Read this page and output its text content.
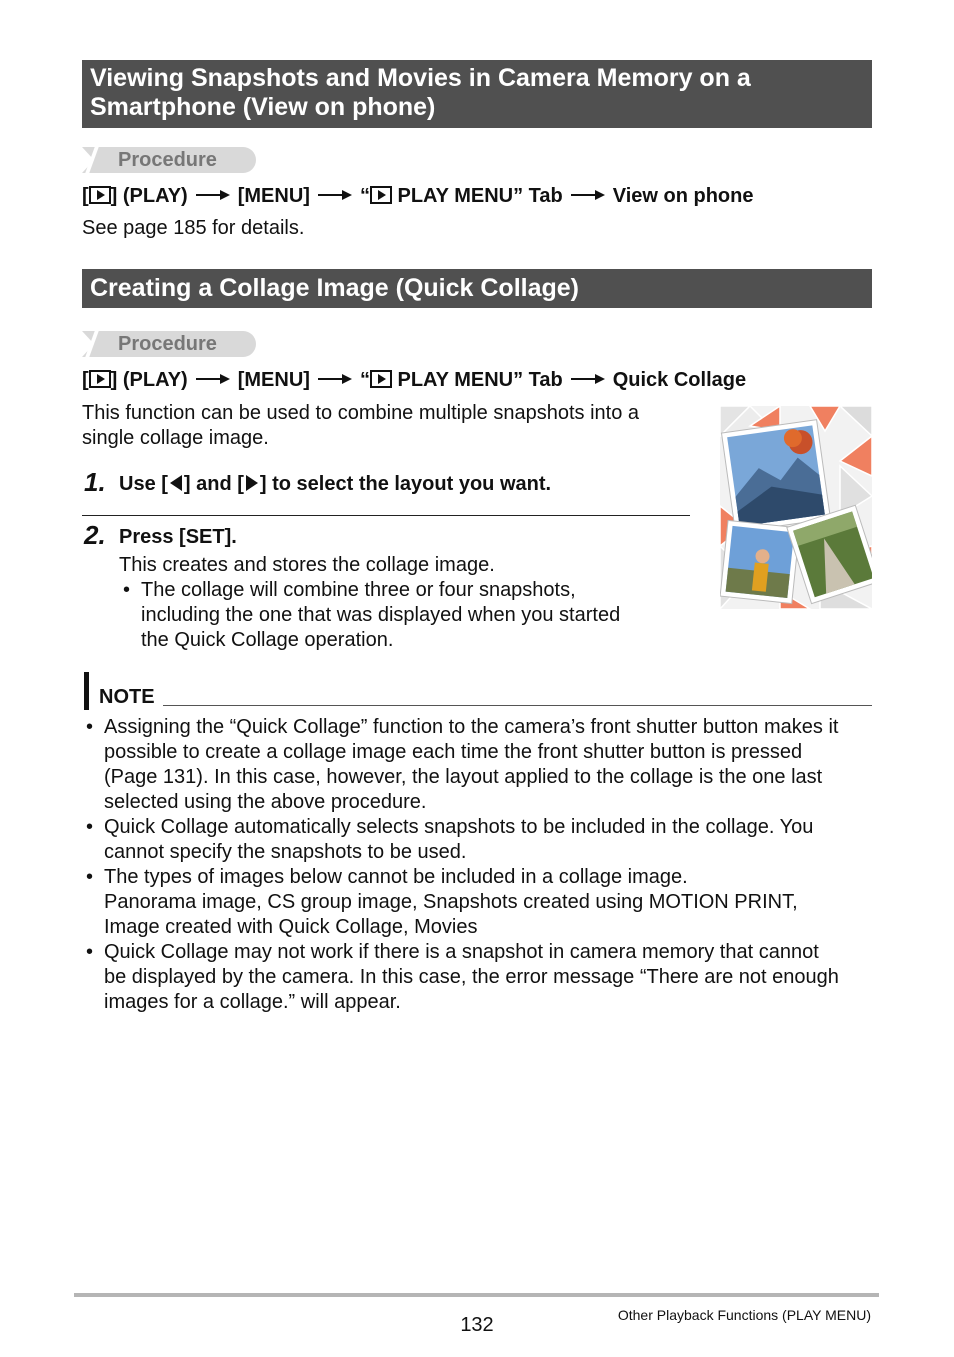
Viewing Snapshots and Movies in Camera Memory on a
Smartphone (View on phone)
Procedure
[ ] (PLAY)	[MENU]	“ PLAY MENU” Tab	View on phone
See page 185 for details.
Creating a Collage Image (Quick Collage)
Procedure
[ ] (PLAY)	[MENU]	“ PLAY MENU” Tab	Quick Collage
This function can be used to combine multiple snapshots into a
single collage image.
1. Use [ ] and [ ] to select the layout you want.
2. Press [SET].
This creates and stores the collage image.
• The collage will combine three or four snapshots,
including the one that was displayed when you started
the Quick Collage operation.
NOTE
• Assigning the “Quick Collage” function to the camera’s front shutter button makes it
possible to create a collage image each time the front shutter button is pressed
(Page 131). In this case, however, the layout applied to the collage is the one last
selected using the above procedure.
• Quick Collage automatically selects snapshots to be included in the collage. You
cannot specify the snapshots to be used.
• The types of images below cannot be included in a collage image.
Panorama image, CS group image, Snapshots created using MOTION PRINT,
Image created with Quick Collage, Movies
• Quick Collage may not work if there is a snapshot in camera memory that cannot
be displayed by the camera. In this case, the error message “There are not enough
images for a collage.” will appear.
132	Other Playback Functions (PLAY MENU)
